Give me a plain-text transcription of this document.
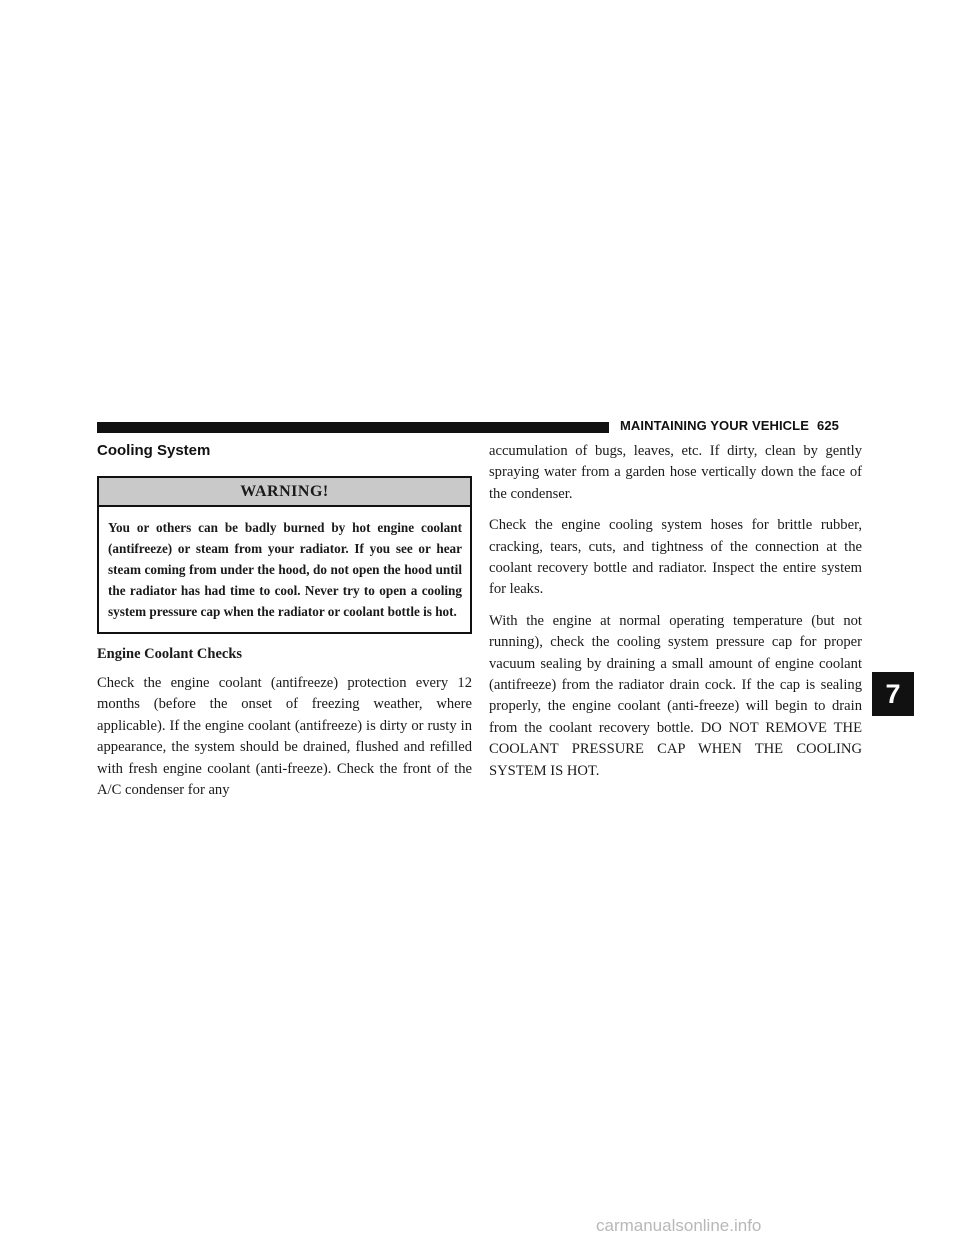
MAINTAINING YOUR VEHICLE 625
Cooling System
WARNING!
You or others can be badly burned by hot engine coolant (antifreeze) or steam from your radiator. If you see or hear steam coming from under the hood, do not open the hood until the radiator has had time to cool. Never try to open a cooling system pressure cap when the radiator or coolant bottle is hot.
Engine Coolant Checks

Check the engine coolant (antifreeze) protection every 12 months (before the onset of freezing weather, where applicable). If the engine coolant (antifreeze) is dirty or rusty in appearance, the system should be drained, flushed and refilled with fresh engine coolant (anti-freeze). Check the front of the A/C condenser for any

accumulation of bugs, leaves, etc. If dirty, clean by gently spraying water from a garden hose vertically down the face of the condenser.

Check the engine cooling system hoses for brittle rubber, cracking, tears, cuts, and tightness of the connection at the coolant recovery bottle and radiator. Inspect the entire system for leaks.

With the engine at normal operating temperature (but not running), check the cooling system pressure cap for proper vacuum sealing by draining a small amount of engine coolant (antifreeze) from the radiator drain cock. If the cap is sealing properly, the engine coolant (anti-freeze) will begin to drain from the coolant recovery bottle. DO NOT REMOVE THE COOLANT PRESSURE CAP WHEN THE COOLING SYSTEM IS HOT.

7
carmanualsonline.info
